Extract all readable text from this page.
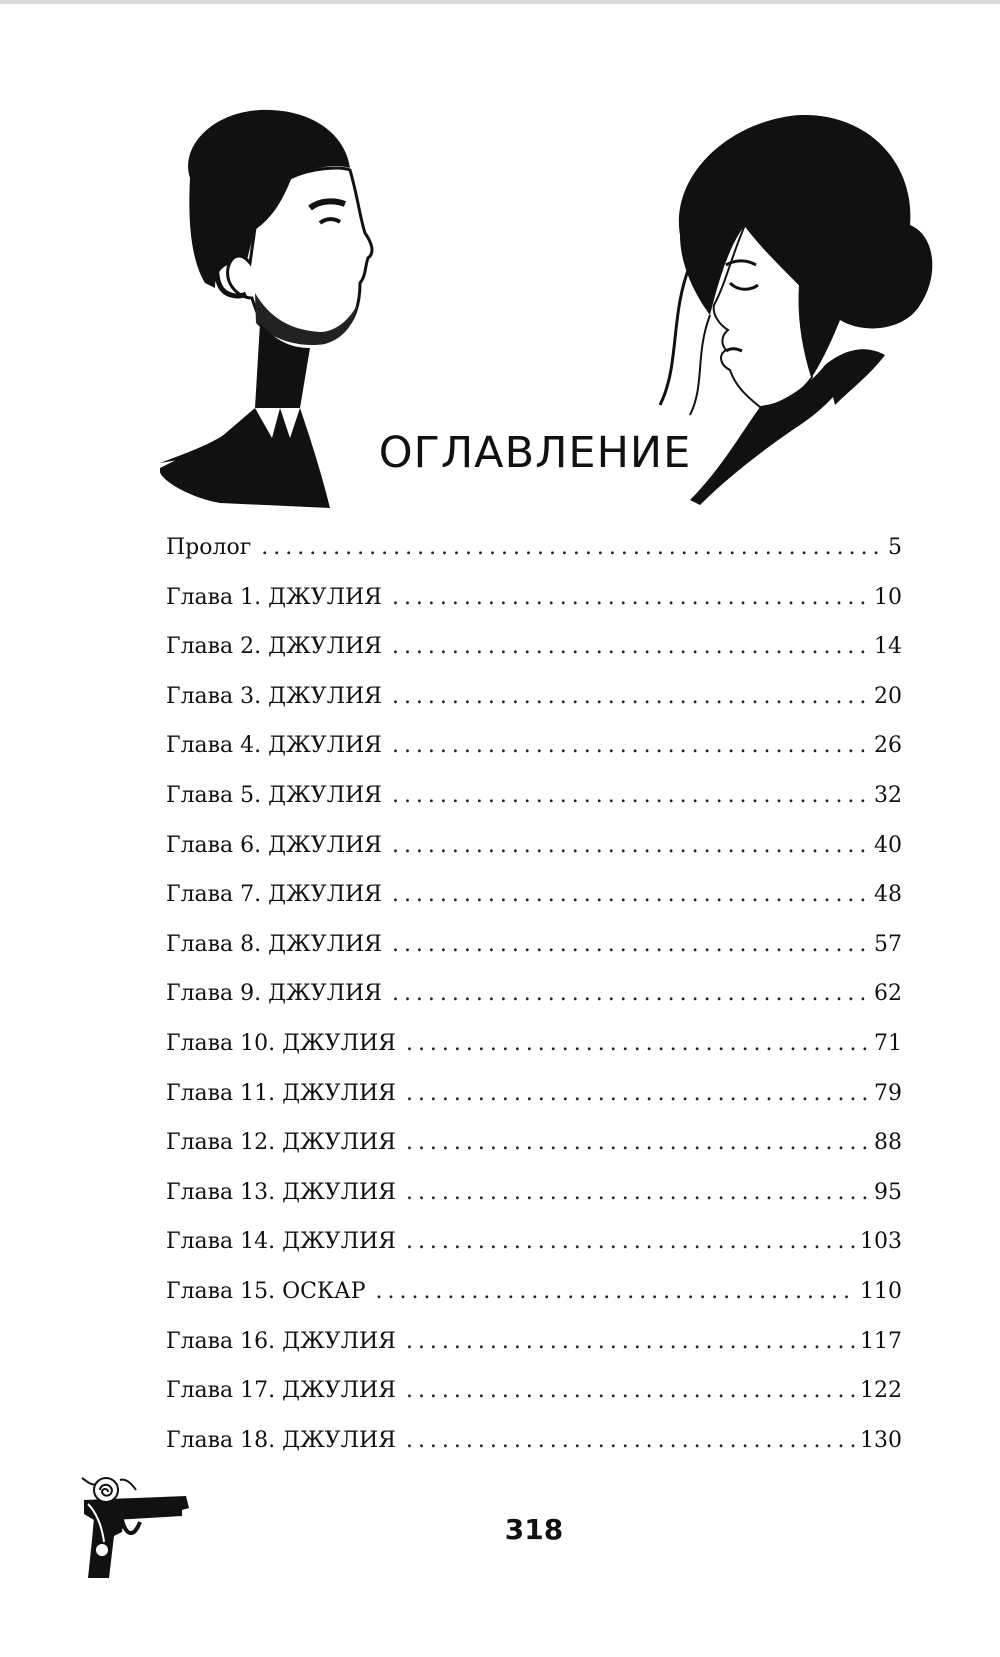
ОГЛАВЛЕНИЕ
Пролог . . .	5
Глава 1. ДЖУЛИЯ . . .	10
Глава 2. ДЖУЛИЯ . . .	14
Глава 3. ДЖУЛИЯ . . .	20
Глава 4. ДЖУЛИЯ . . .	26
Глава 5. ДЖУЛИЯ . . .	32
Глава 6. ДЖУЛИЯ . . .	40
Глава 7. ДЖУЛИЯ . . .	48
Глава 8. ДЖУЛИЯ . . .	57
Глава 9. ДЖУЛИЯ . . .	62
Глава 10. ДЖУЛИЯ . . .	71
Глава 11. ДЖУЛИЯ . . .	79
Глава 12. ДЖУЛИЯ . . .	88
Глава 13. ДЖУЛИЯ . . .	95
Глава 14. ДЖУЛИЯ . . .	103
Глава 15. ОСКАР . . .	110
Глава 16. ДЖУЛИЯ . . .	117
Глава 17. ДЖУЛИЯ . . .	122
Глава 18. ДЖУЛИЯ . . .	130
318
